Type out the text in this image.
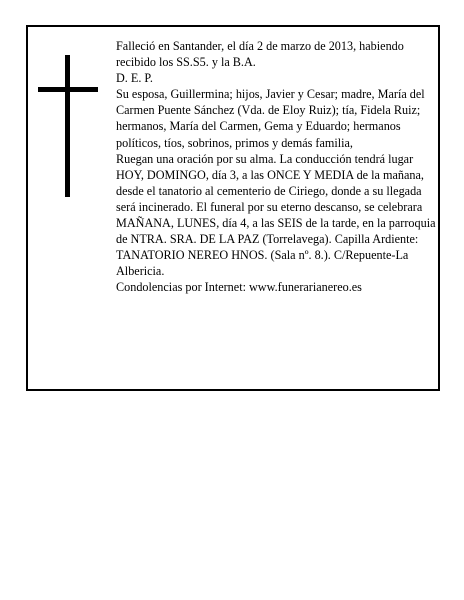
Falleció en Santander, el día 2 de marzo de 2013, habiendo recibido los SS.S5. y la B.A.

D. E. P.

Su esposa, Guillermina; hijos, Javier y Cesar; madre, María del Carmen Puente Sánchez (Vda. de Eloy Ruiz); tía, Fidela Ruiz; hermanos, María del Carmen, Gema y Eduardo; hermanos políticos, tíos, sobrinos, primos y demás familia,

Ruegan una oración por su alma. La conducción tendrá lugar HOY, DOMINGO, día 3, a las ONCE Y MEDIA de la mañana, desde el tanatorio al cementerio de Ciriego, donde a su llegada será incinerado. El funeral por su eterno descanso, se celebrara MAÑANA, LUNES, día 4, a las SEIS de la tarde, en la parroquia de NTRA. SRA. DE LA PAZ (Torrelavega). Capilla Ardiente: TANATORIO NEREO HNOS. (Sala nº. 8.). C/Repuente-La Albericia.

Condolencias por Internet: www.funerarianereo.es
